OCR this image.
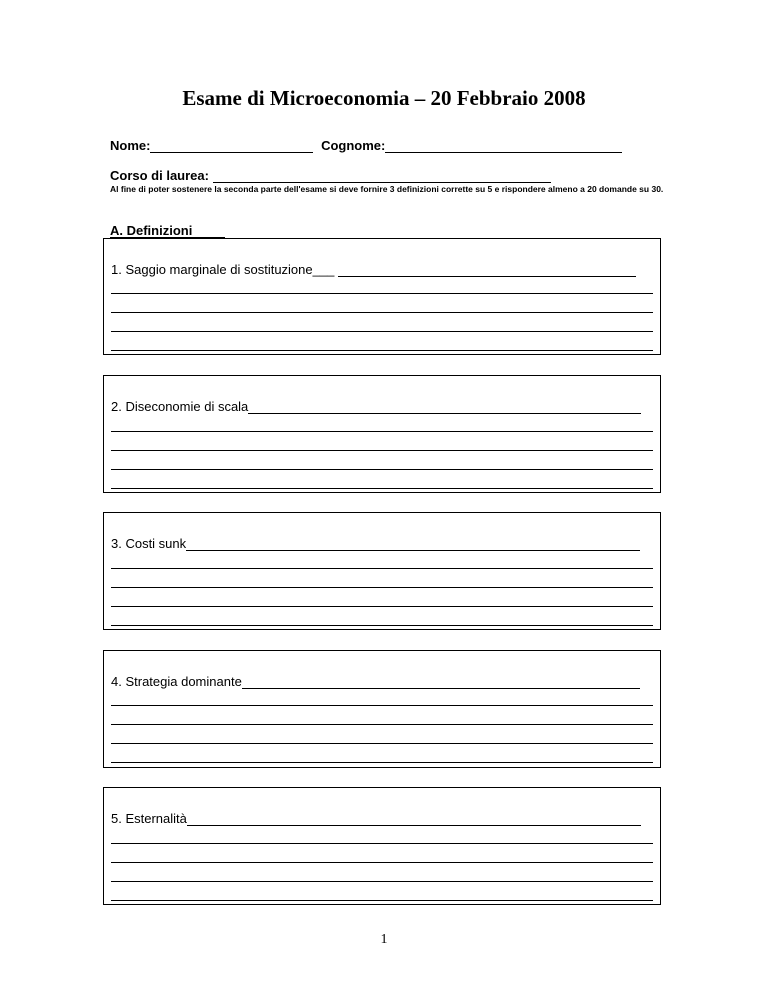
Esame di Microeconomia – 20 Febbraio 2008
Nome:	Cognome:
Corso di laurea:
Al fine di poter sostenere la seconda parte dell'esame si deve fornire 3 definizioni corrette su 5 e rispondere almeno a 20 domande su 30.
A. Definizioni
1. Saggio marginale di sostituzione___
2. Diseconomie di scala
3. Costi sunk
4. Strategia dominante
5. Esternalità
1
